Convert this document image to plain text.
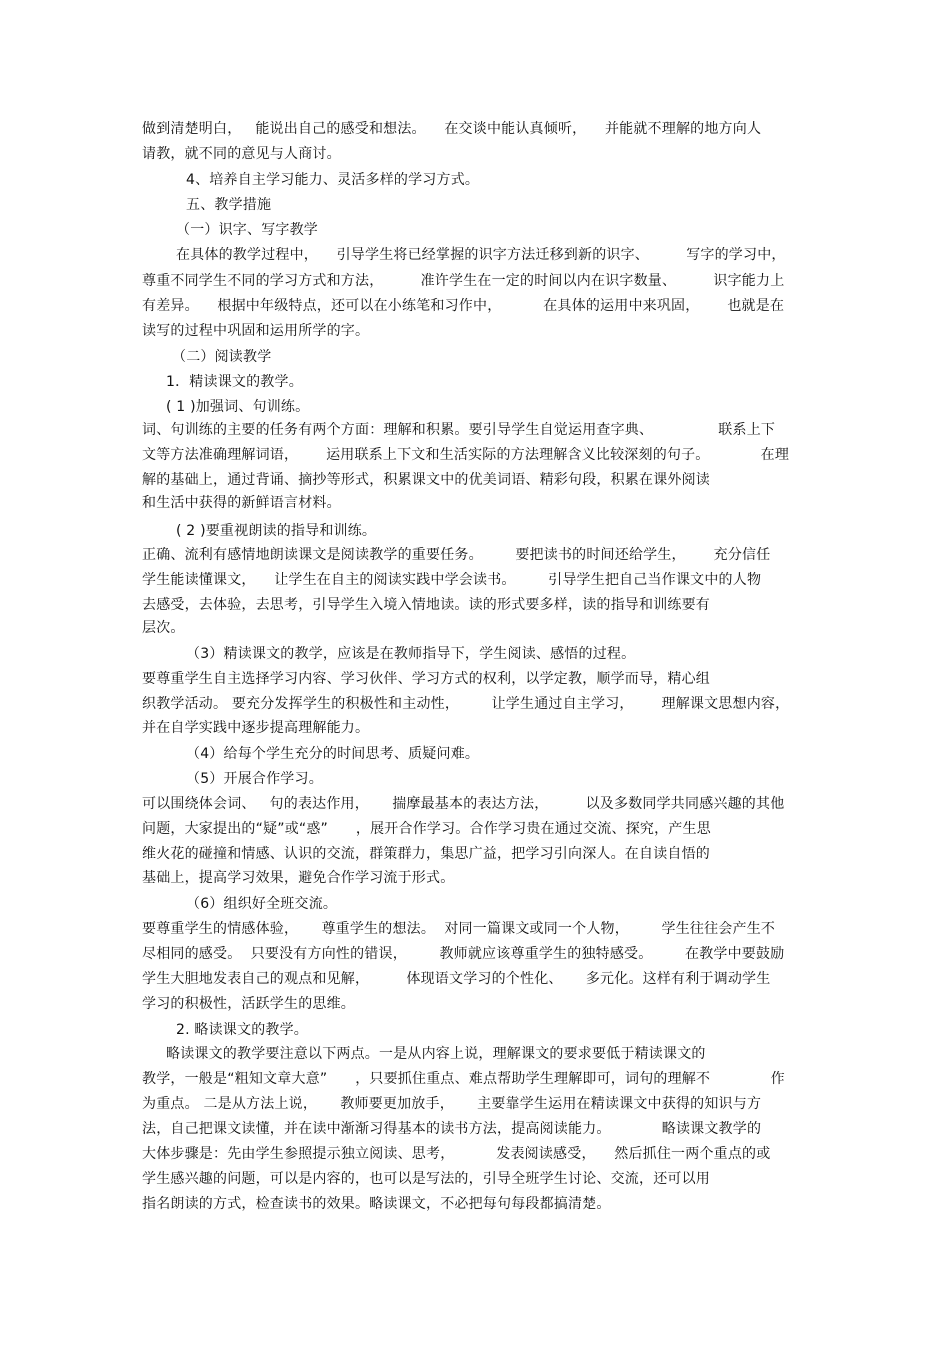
做到清楚明白，   能说出自己的感受和想法。    在交谈中能认真倾听，    并能就不理解的地方向人
请教，就不同的意见与人商讨。
4、培养自主学习能力、灵活多样的学习方式。
五、教学措施
（一）识字、写字教学
在具体的教学过程中，    引导学生将已经掌握的识字方法迁移到新的识字、        写字的学习中，
尊重不同学生不同的学习方式和方法，        准许学生在一定的时间以内在识字数量、        识字能力上
有差异。    根据中年级特点，还可以在小练笔和习作中，         在具体的运用中来巩固，      也就是在
读写的过程中巩固和运用所学的字。
（二）阅读教学
1．精读课文的教学。
( 1 )加强词、句训练。
词、句训练的主要的任务有两个方面：理解和积累。要引导学生自觉运用查字典、              联系上下
文等方法准确理解词语，      运用联系上下文和生活实际的方法理解含义比较深刻的句子。           在理
解的基础上，通过背诵、摘抄等形式，积累课文中的优美词语、精彩句段，积累在课外阅读
和生活中获得的新鲜语言材料。
( 2 )要重视朗读的指导和训练。
正确、流利有感情地朗读课文是阅读教学的重要任务。       要把读书的时间还给学生，      充分信任
学生能读懂课文，    让学生在自主的阅读实践中学会读书。       引导学生把自己当作课文中的人物
去感受，去体验，去思考，引导学生入境入情地读。读的形式要多样，读的指导和训练要有
层次。
（3）精读课文的教学，应该是在教师指导下，学生阅读、感悟的过程。
要尊重学生自主选择学习内容、学习伙伴、学习方式的权利，以学定教，顺学而导，精心组
织教学活动。 要充分发挥学生的积极性和主动性，       让学生通过自主学习，      理解课文思想内容，
并在自学实践中逐步提高理解能力。
（4）给每个学生充分的时间思考、质疑问难。
（5）开展合作学习。
可以围绕体会词、   句的表达作用，     揣摩最基本的表达方法，        以及多数同学共同感兴趣的其他
问题，大家提出的“疑”或“惑”      ，展开合作学习。合作学习贵在通过交流、探究，产生思
维火花的碰撞和情感、认识的交流，群策群力，集思广益，把学习引向深人。在自读自悟的
基础上，提高学习效果，避免合作学习流于形式。
（6）组织好全班交流。
要尊重学生的情感体验，     尊重学生的想法。  对同一篇课文或同一个人物，       学生往往会产生不
尽相同的感受。  只要没有方向性的错误，       教师就应该尊重学生的独特感受。       在教学中要鼓励
学生大胆地发表自己的观点和见解，        体现语文学习的个性化、     多元化。这样有利于调动学生
学习的积极性，活跃学生的思维。
2. 略读课文的教学。
略读课文的教学要注意以下两点。一是从内容上说，理解课文的要求要低于精读课文的
教学，一般是“粗知文章大意”      ，只要抓住重点、难点帮助学生理解即可，词句的理解不             作
为重点。 二是从方法上说，     教师要更加放手，     主要靠学生运用在精读课文中获得的知识与方
法，自己把课文读懂，并在读中渐渐习得基本的读书方法，提高阅读能力。           略读课文教学的
大体步骤是：先由学生参照提示独立阅读、思考，         发表阅读感受，    然后抓住一两个重点的或
学生感兴趣的问题，可以是内容的，也可以是写法的，引导全班学生讨论、交流，还可以用
指名朗读的方式，检查读书的效果。略读课文，不必把每句每段都搞清楚。
